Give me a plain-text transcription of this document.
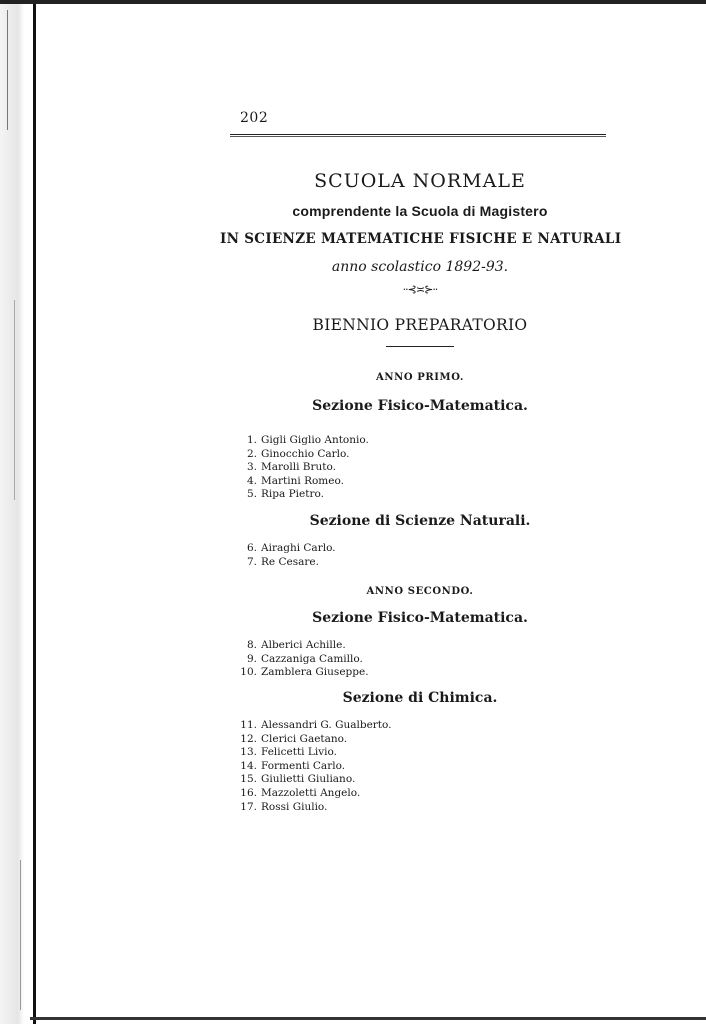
202
SCUOLA NORMALE
comprendente la Scuola di Magistero
IN SCIENZE MATEMATICHE FISICHE E NATURALI
anno scolastico 1892-93.
··⊰≍⊱··
BIENNIO PREPARATORIO
ANNO PRIMO.
Sezione Fisico-Matematica.
1. Gigli Giglio Antonio.
2. Ginocchio Carlo.
3. Marolli Bruto.
4. Martini Romeo.
5. Ripa Pietro.
Sezione di Scienze Naturali.
6. Airaghi Carlo.
7. Re Cesare.
ANNO SECONDO.
Sezione Fisico-Matematica.
8. Alberici Achille.
9. Cazzaniga Camillo.
10. Zamblera Giuseppe.
Sezione di Chimica.
11. Alessandri G. Gualberto.
12. Clerici Gaetano.
13. Felicetti Livio.
14. Formenti Carlo.
15. Giulietti Giuliano.
16. Mazzoletti Angelo.
17. Rossi Giulio.
